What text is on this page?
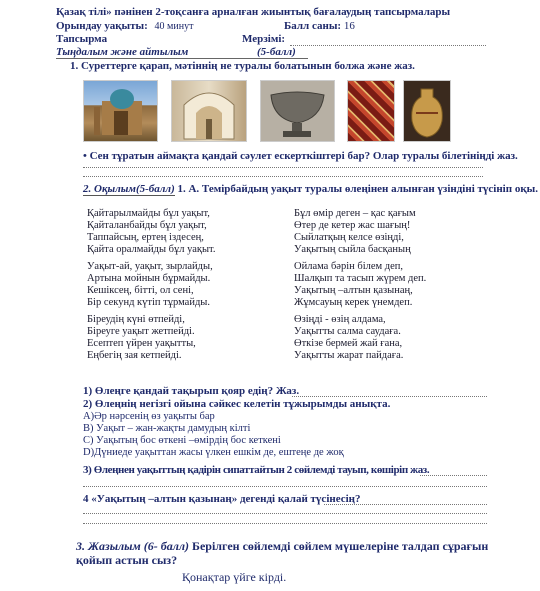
Қазақ тілі» пәнінен 2-тоқсанға арналған жиынтық бағалаудың тапсырмалары
Орындау уақыты: 40 минут	Балл саны: 16
Тапсырма	Мерзімі:
Тыңдалым және айтылым	(5-балл)
1. Суреттерге қарап, мәтіннің не туралы болатынын болжа және жаз.
• Сен тұратын аймақта қандай сәулет ескерткіштері бар? Олар туралы білетініңді жаз.
2. Оқылым(5-балл) 1. А. Темірбайдың уақыт туралы өлеңінен алынған үзіндіні түсініп оқы.
Қайтарылмайды бұл уақыт,
Қайталанбайды бұл уақыт,
Таппайсың, ертең іздесең,
Қайта оралмайды бұл уақыт.
Уақыт-ай, уақыт, зырлайды,
Артына мойнын бұрмайды.
Кешіксең, бітті, ол сені,
Бір секунд күтіп тұрмайды.
Біреудің күні өтпейді,
Біреуге уақыт жетпейді.
Есептеп үйрен уақытты,
Еңбегің зая кетпейді.
Бұл өмір деген – қас қағым
Өтер де кетер жас шағың!
Сыйлатқың келсе өзіңді,
Уақытың сыйла басқаның
Ойлама бәрін білем деп,
Шалқып та тасып жүрем деп.
Уақытың –алтын қазынаң,
Жұмсауың керек үнемдеп.
Өзіңді - өзің алдама,
Уақытты салма саудаға.
Өткізе бермей жай ғана,
Уақытты жарат пайдаға.
1) Өлеңге қандай тақырып қояр едің? Жаз.
2) Өлеңнің негізгі ойына сәйкес келетін тұжырымды анықта.
А)Әр нәрсенің өз уақыты бар
В) Уақыт – жан-жақты дамудың кілті
С) Уақытың бос өткені –өмірдің бос кеткені
D)Дүниеде уақыттан жасы үлкен ешкім де, ештеңе де жоқ
3) Өлеңнен уақыттың қадірін сипаттайтын 2 сөйлемді тауып, көшіріп жаз.
4 «Уақытың –алтын қазынаң» дегенді қалай түсінесің?
3. Жазылым (6- балл) Берілген сөйлемді сөйлем мүшелеріне талдап сұрағын
қойып астын сыз?
Қонақтар үйге кірді.
